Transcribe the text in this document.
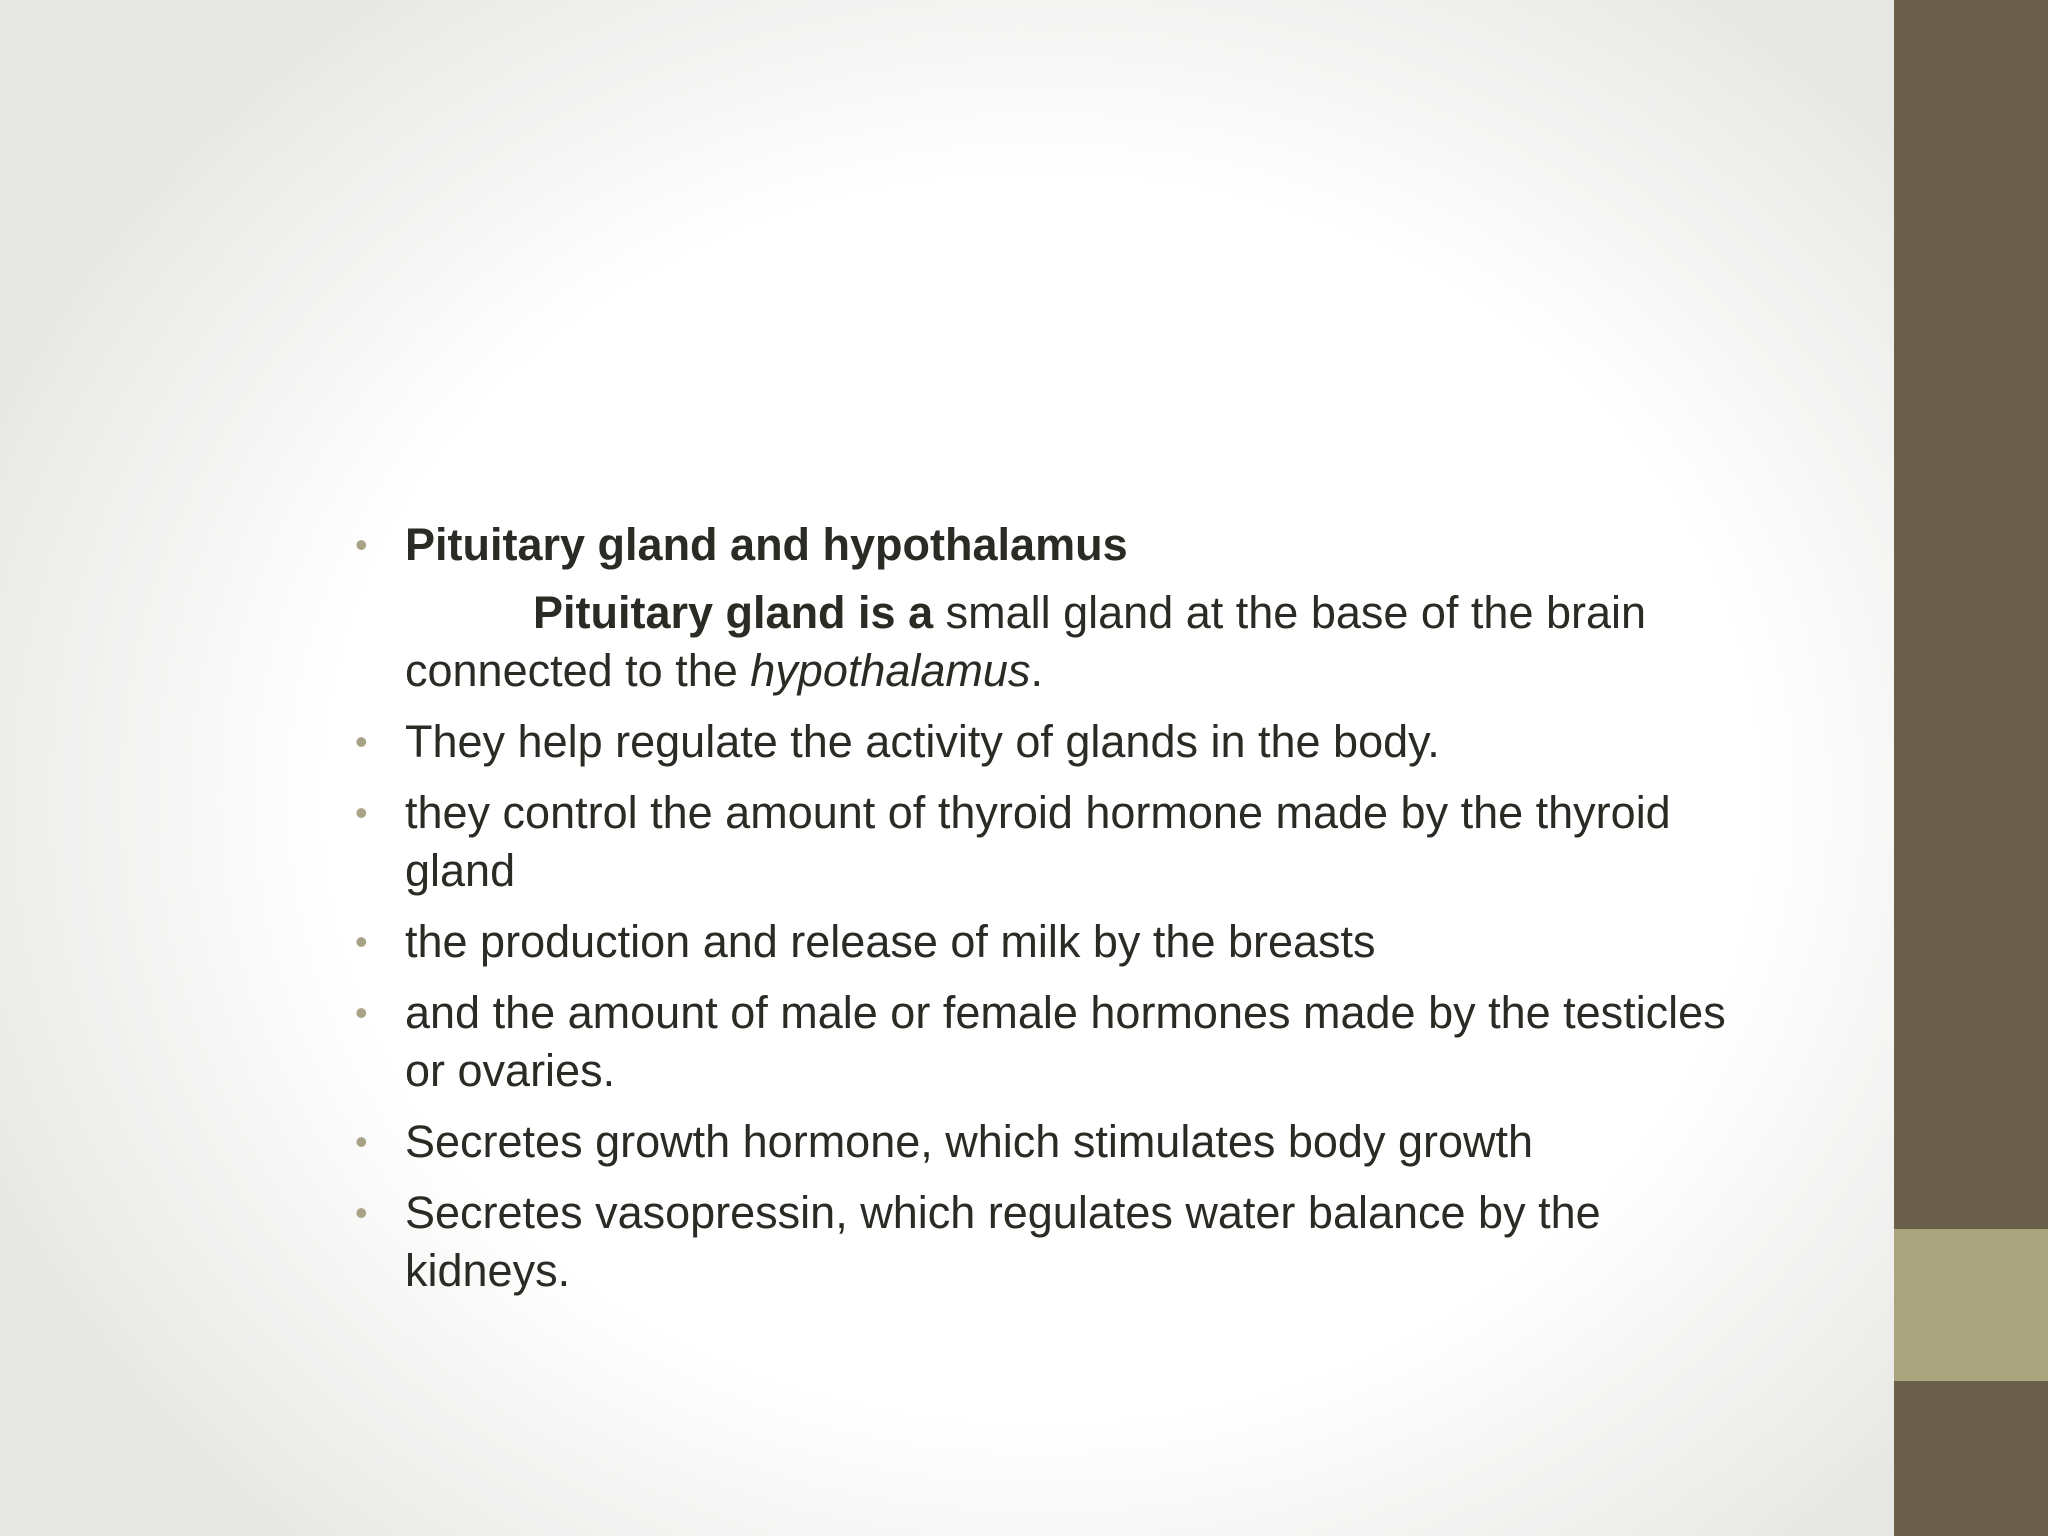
• Pituitary gland and hypothalamus
Pituitary gland is a small gland at the base of the brain connected to the hypothalamus.
• They help regulate the activity of glands in the body.
• they control the amount of thyroid hormone made by the thyroid gland
• the production and release of milk by the breasts
• and the amount of male or female hormones made by the testicles or ovaries.
• Secretes growth hormone, which stimulates body growth
• Secretes vasopressin, which regulates water balance by the kidneys.
